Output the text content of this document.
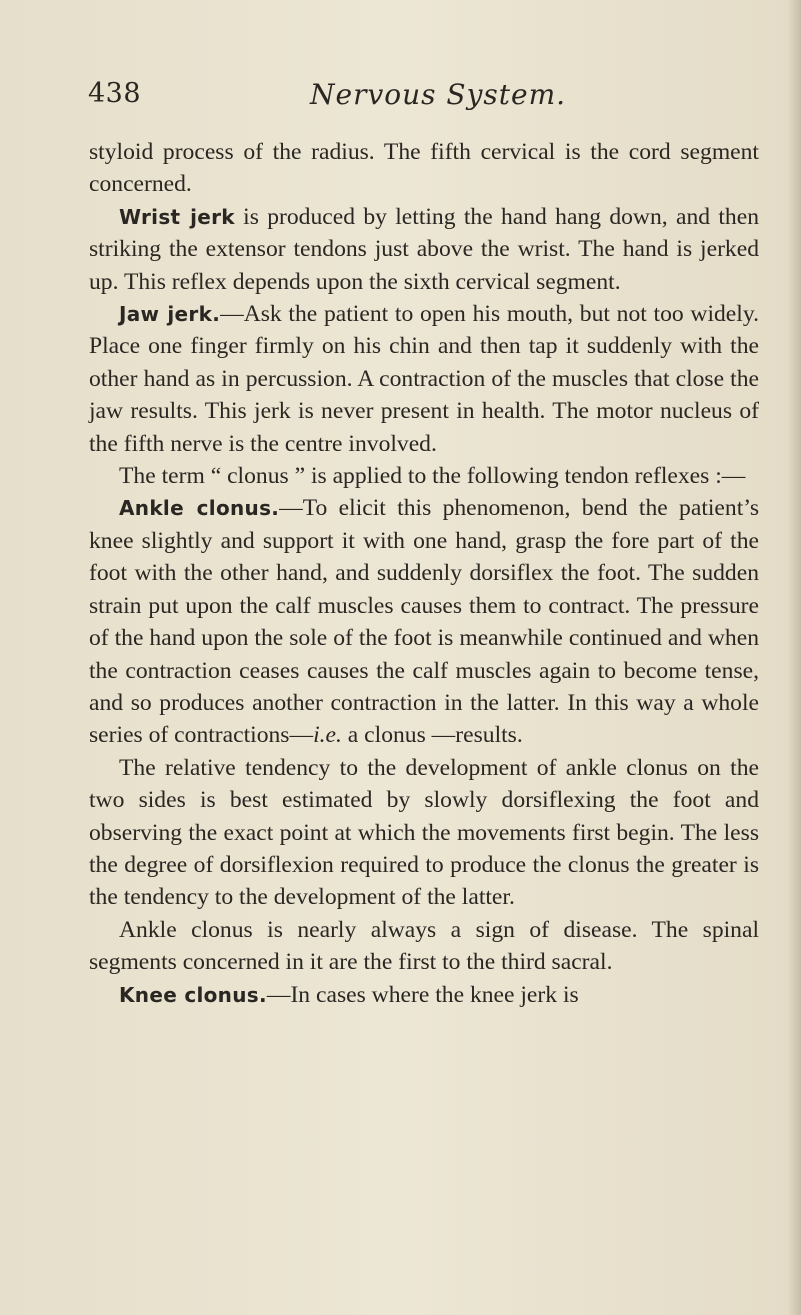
438	Nervous System.

styloid process of the radius. The fifth cervical is the cord segment concerned.

Wrist jerk is produced by letting the hand hang down, and then striking the extensor tendons just above the wrist. The hand is jerked up. This reflex depends upon the sixth cervical segment.

Jaw jerk.—Ask the patient to open his mouth, but not too widely. Place one finger firmly on his chin and then tap it suddenly with the other hand as in percussion. A contraction of the muscles that close the jaw results. This jerk is never present in health. The motor nucleus of the fifth nerve is the centre involved.

The term “ clonus ” is applied to the following tendon reflexes :—

Ankle clonus.—To elicit this phenomenon, bend the patient’s knee slightly and support it with one hand, grasp the fore part of the foot with the other hand, and suddenly dorsiflex the foot. The sudden strain put upon the calf muscles causes them to contract. The pressure of the hand upon the sole of the foot is meanwhile continued and when the contraction ceases causes the calf muscles again to become tense, and so produces another contraction in the latter. In this way a whole series of contractions—i.e. a clonus —results.

The relative tendency to the development of ankle clonus on the two sides is best estimated by slowly dorsiflexing the foot and observing the exact point at which the movements first begin. The less the degree of dorsiflexion required to produce the clonus the greater is the tendency to the development of the latter.

Ankle clonus is nearly always a sign of disease. The spinal segments concerned in it are the first to the third sacral.

Knee clonus.—In cases where the knee jerk is
